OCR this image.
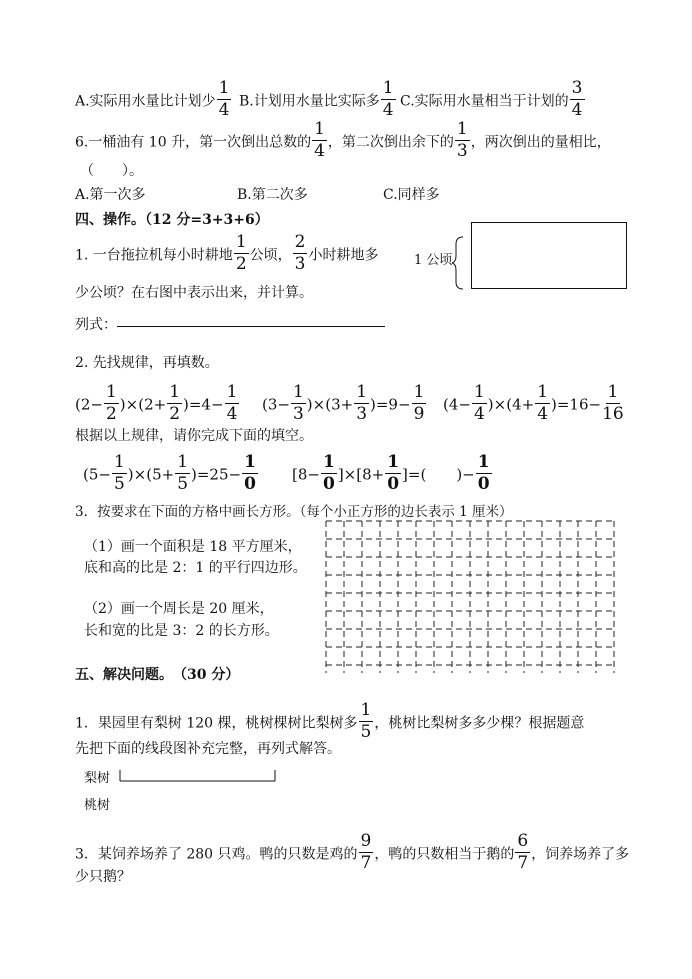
A.实际用水量比计划少 $\frac{1}{4} B$.计划用水量比实际多 $\frac{1}{4} C$.实际用水量相当于计划的 $\frac{3}{4}$
6.一桶油有 10 升，第一次倒出总数的 $\frac{1}{4}$ ，第二次倒出余下的 $\frac{1}{3}$ ，两次倒出的量相比，
（　　）。
A.第一次多	B.第二次多	C.同样多
四、操作。（12 分=3+3+6）
1. 一台拖拉机每小时耕地 $\frac{1}{2}$ 公顷， $\frac{2}{3}$ 小时耕地多
少公顷？在右图中表示出来，并计算。
1 公顷
列式：
2. 先找规律，再填数。
$(2- \frac{1}{2} )\times(2+ \frac{1}{2} )=4- \frac{1}{4} (3- \frac{1}{3} )\times(3+ \frac{1}{3} )=9- \frac{1}{9} (4- \frac{1}{4} )\times(4+ \frac{1}{4} )=16- \frac{1}{16}$
根据以上规律，请你完成下面的填空。
$(5- \frac{1}{5} )\times(5+ \frac{1}{5} )=25- \frac{1}{0} [8- \frac{1}{0} ]\times[8+ \frac{1}{0}$ ]=(　　)− $\frac{1}{0}$
3．按要求在下面的方格中画长方形。（每个小正方形的边长表示 1 厘米）
（1）画一个面积是 18 平方厘米，
底和高的比是 2：1 的平行四边形。
（2）画一个周长是 20 厘米，
长和宽的比是 3：2 的长方形。
五、解决问题。　（30 分）
1．果园里有梨树 120 棵，桃树棵树比梨树多 $\frac{1}{5}$ ，桃树比梨树多多少棵？根据题意
先把下面的线段图补充完整，再列式解答。
梨树
桃树
3．某饲养场养了 280 只鸡。鸭的只数是鸡的 $\frac{9}{7}$ ，鸭的只数相当于鹅的 $\frac{6}{7}$ ，饲养场养了多
少只鹅？
